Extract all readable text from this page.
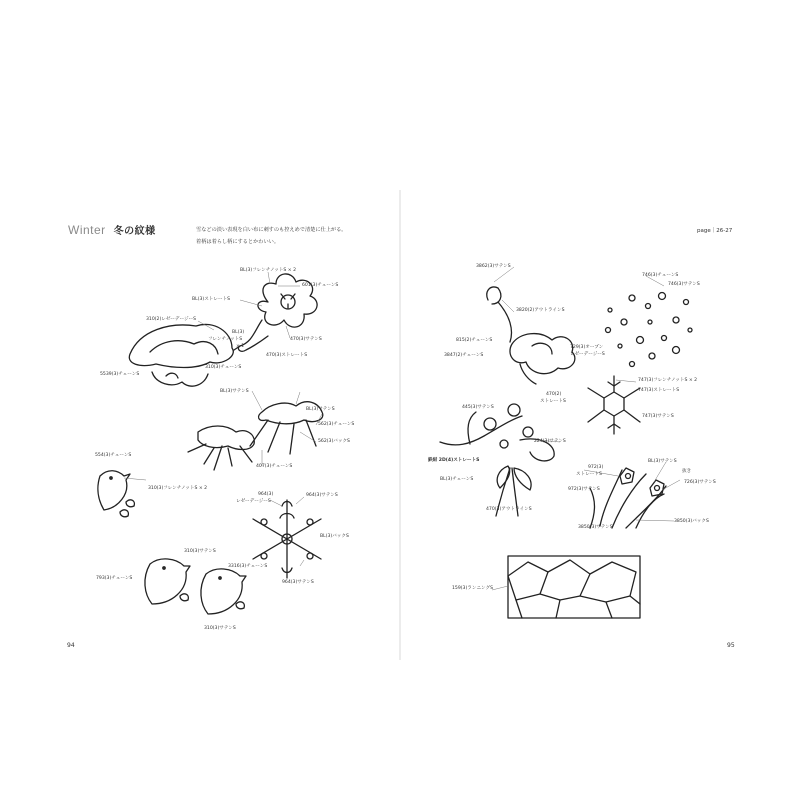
Winter 冬の紋様	雪などの淡い表現を白い布に刺すのも控えめで清楚に仕上がる。
着柄は着らし柄にするとかわいい。
page｜26-27
94	95
BL(3)フレンチノットS × 2
601(3)チェーンS
BL(3)ストレートS
310(2)レゼーデージーS
BL(3)
フレンチノットS
× 1
470(3)サテンS
470(3)ストレートS
310(3)チェーンS
5539(3)チェーンS
BL(3)サテンS
BL(3)サテンS
562(3)チェーンS
562(3)バックS
407(3)チェーンS
554(3)チェーンS
310(3)フレンチノットS × 2
964(3)
レゼーデージーS
964(3)サテンS
BL(3)バックS
964(3)サテンS
310(3)サテンS
793(3)チェーンS
3316(3)チェーンS
310(3)サテンS
3862(3)サテンS
3820(2)アウトラインS
815(2)チェーンS
3847(2)チェーンS
729(3)オープン
レゼーデージーS
746(3)チェーンS
746(3)サテンS
747(3)フレンチノットS × 2
747(3)ストレートS
747(3)サテンS
445(3)サテンS
470(2)
ストレートS
224(3)サテンS
鉄紺 2D(4)ストレートS
BL(3)チェーンS
470(3)アウトラインS
BL(3)サテンS
抜き
972(3)
ストレートS
972(3)サテンS
726(3)サテンS
3850(3)バックS
3850(3)サテンS
159(3)ランニングS
